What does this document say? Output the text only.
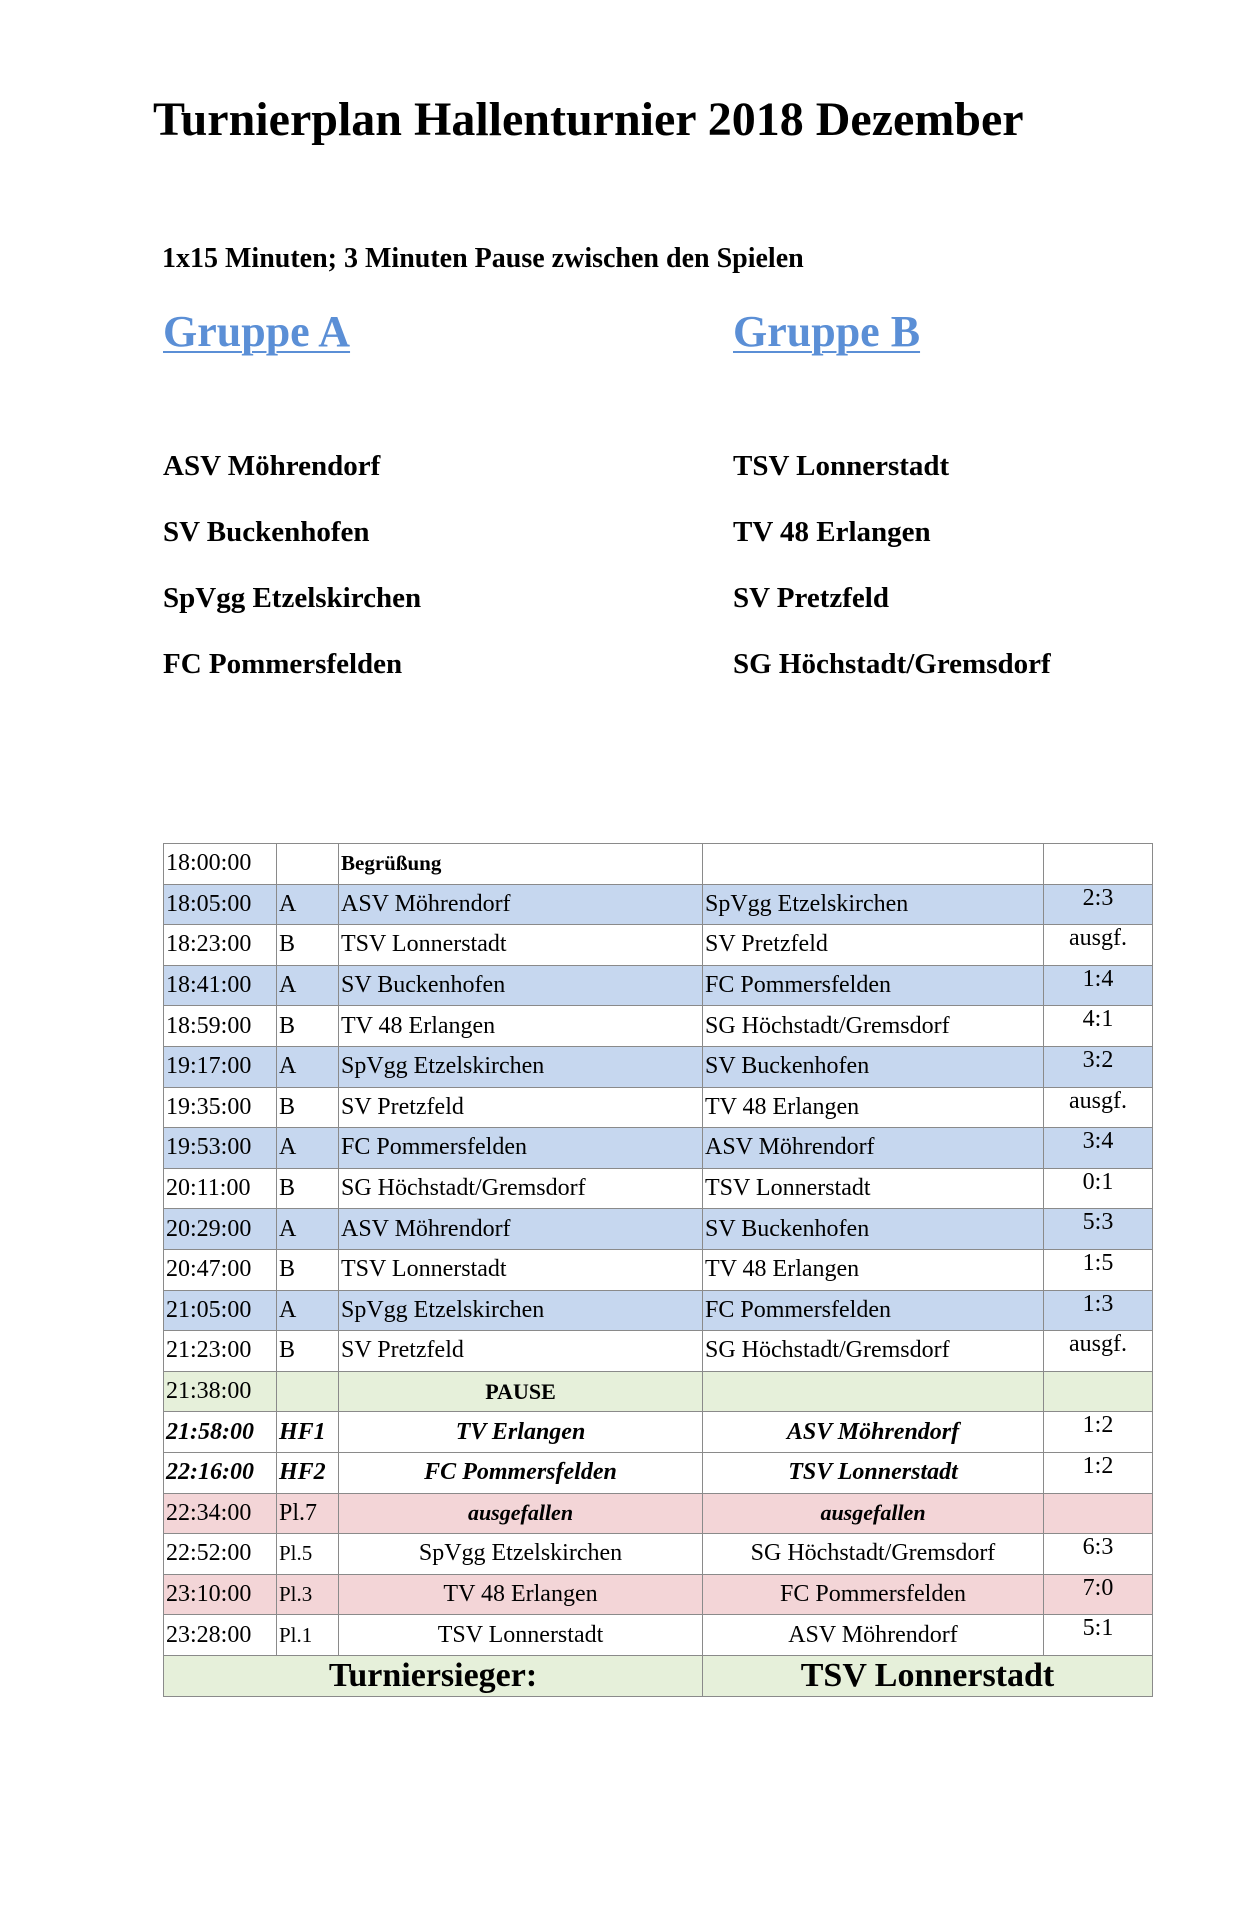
Turnierplan Hallenturnier 2018 Dezember
1x15 Minuten; 3 Minuten Pause zwischen den Spielen
Gruppe A	Gruppe B
ASV Möhrendorf
SV Buckenhofen
SpVgg Etzelskirchen
FC Pommersfelden
TSV Lonnerstadt
TV 48 Erlangen
SV Pretzfeld
SG Höchstadt/Gremsdorf
18:00:00		Begrüßung		
18:05:00	A	ASV Möhrendorf	SpVgg Etzelskirchen	2:3
18:23:00	B	TSV Lonnerstadt	SV Pretzfeld	ausgf.
18:41:00	A	SV Buckenhofen	FC Pommersfelden	1:4
18:59:00	B	TV 48 Erlangen	SG Höchstadt/Gremsdorf	4:1
19:17:00	A	SpVgg Etzelskirchen	SV Buckenhofen	3:2
19:35:00	B	SV Pretzfeld	TV 48 Erlangen	ausgf.
19:53:00	A	FC Pommersfelden	ASV Möhrendorf	3:4
20:11:00	B	SG Höchstadt/Gremsdorf	TSV Lonnerstadt	0:1
20:29:00	A	ASV Möhrendorf	SV Buckenhofen	5:3
20:47:00	B	TSV Lonnerstadt	TV 48 Erlangen	1:5
21:05:00	A	SpVgg Etzelskirchen	FC Pommersfelden	1:3
21:23:00	B	SV Pretzfeld	SG Höchstadt/Gremsdorf	ausgf.
21:38:00		PAUSE		
21:58:00	HF1	TV Erlangen	ASV Möhrendorf	1:2
22:16:00	HF2	FC Pommersfelden	TSV Lonnerstadt	1:2
22:34:00	Pl.7	ausgefallen	ausgefallen	
22:52:00	Pl.5	SpVgg Etzelskirchen	SG Höchstadt/Gremsdorf	6:3
23:10:00	Pl.3	TV 48 Erlangen	FC Pommersfelden	7:0
23:28:00	Pl.1	TSV Lonnerstadt	ASV Möhrendorf	5:1
Turniersieger:			TSV Lonnerstadt	
